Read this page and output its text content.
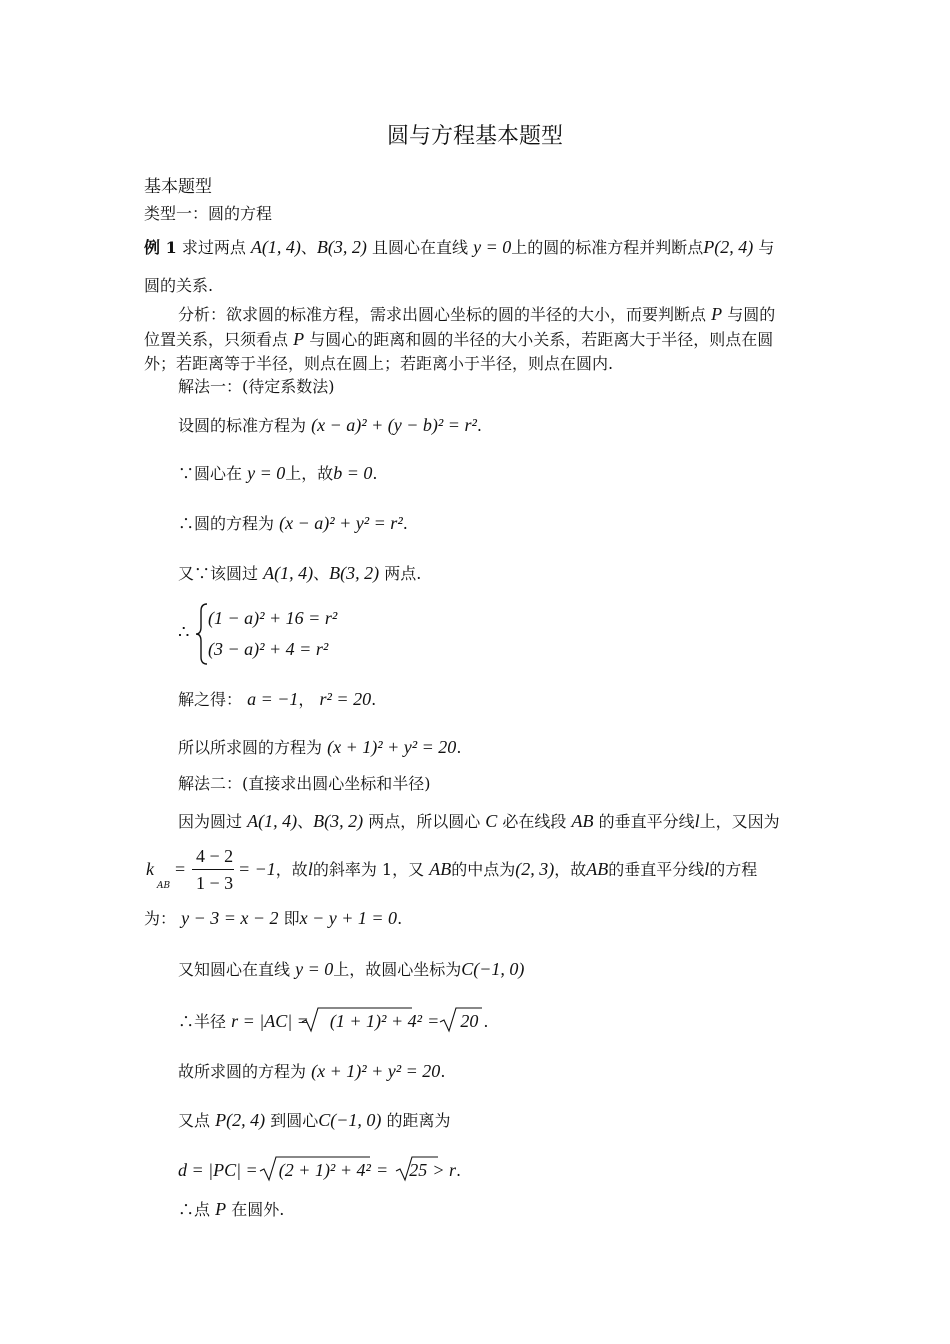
圆与方程基本题型
基本题型
类型一：圆的方程
例 1 求过两点 A(1, 4)、B(3, 2) 且圆心在直线 y = 0上的圆的标准方程并判断点P(2, 4) 与
圆的关系.
分析：欲求圆的标准方程，需求出圆心坐标的圆的半径的大小，而要判断点 P 与圆的
位置关系，只须看点 P 与圆心的距离和圆的半径的大小关系，若距离大于半径，则点在圆
外；若距离等于半径，则点在圆上；若距离小于半径，则点在圆内.
解法一：(待定系数法)
设圆的标准方程为 (x − a)² + (y − b)² = r².
∵圆心在 y = 0上，故b = 0.
∴圆的方程为 (x − a)² + y² = r².
又∵该圆过 A(1, 4)、B(3, 2) 两点.
∴
(1 − a)² + 16 = r²
(3 − a)² + 4 = r²
解之得： a = −1， r² = 20.
所以所求圆的方程为 (x + 1)² + y² = 20.
解法二：(直接求出圆心坐标和半径)
因为圆过 A(1, 4)、B(3, 2) 两点，所以圆心 C 必在线段 AB 的垂直平分线l上，又因为
k
AB
=
4 − 2
1 − 3
= −1，故l的斜率为 1，又 AB的中点为(2, 3)，故AB的垂直平分线l的方程
为： y − 3 = x − 2 即x − y + 1 = 0.
又知圆心在直线 y = 0上，故圆心坐标为C(−1, 0)
∴半径 r = |AC| = (1 + 1)² + 4² = 20 .
故所求圆的方程为 (x + 1)² + y² = 20.
又点 P(2, 4) 到圆心C(−1, 0) 的距离为
d = |PC| = (2 + 1)² + 4² = 25 > r.
∴点 P 在圆外.
